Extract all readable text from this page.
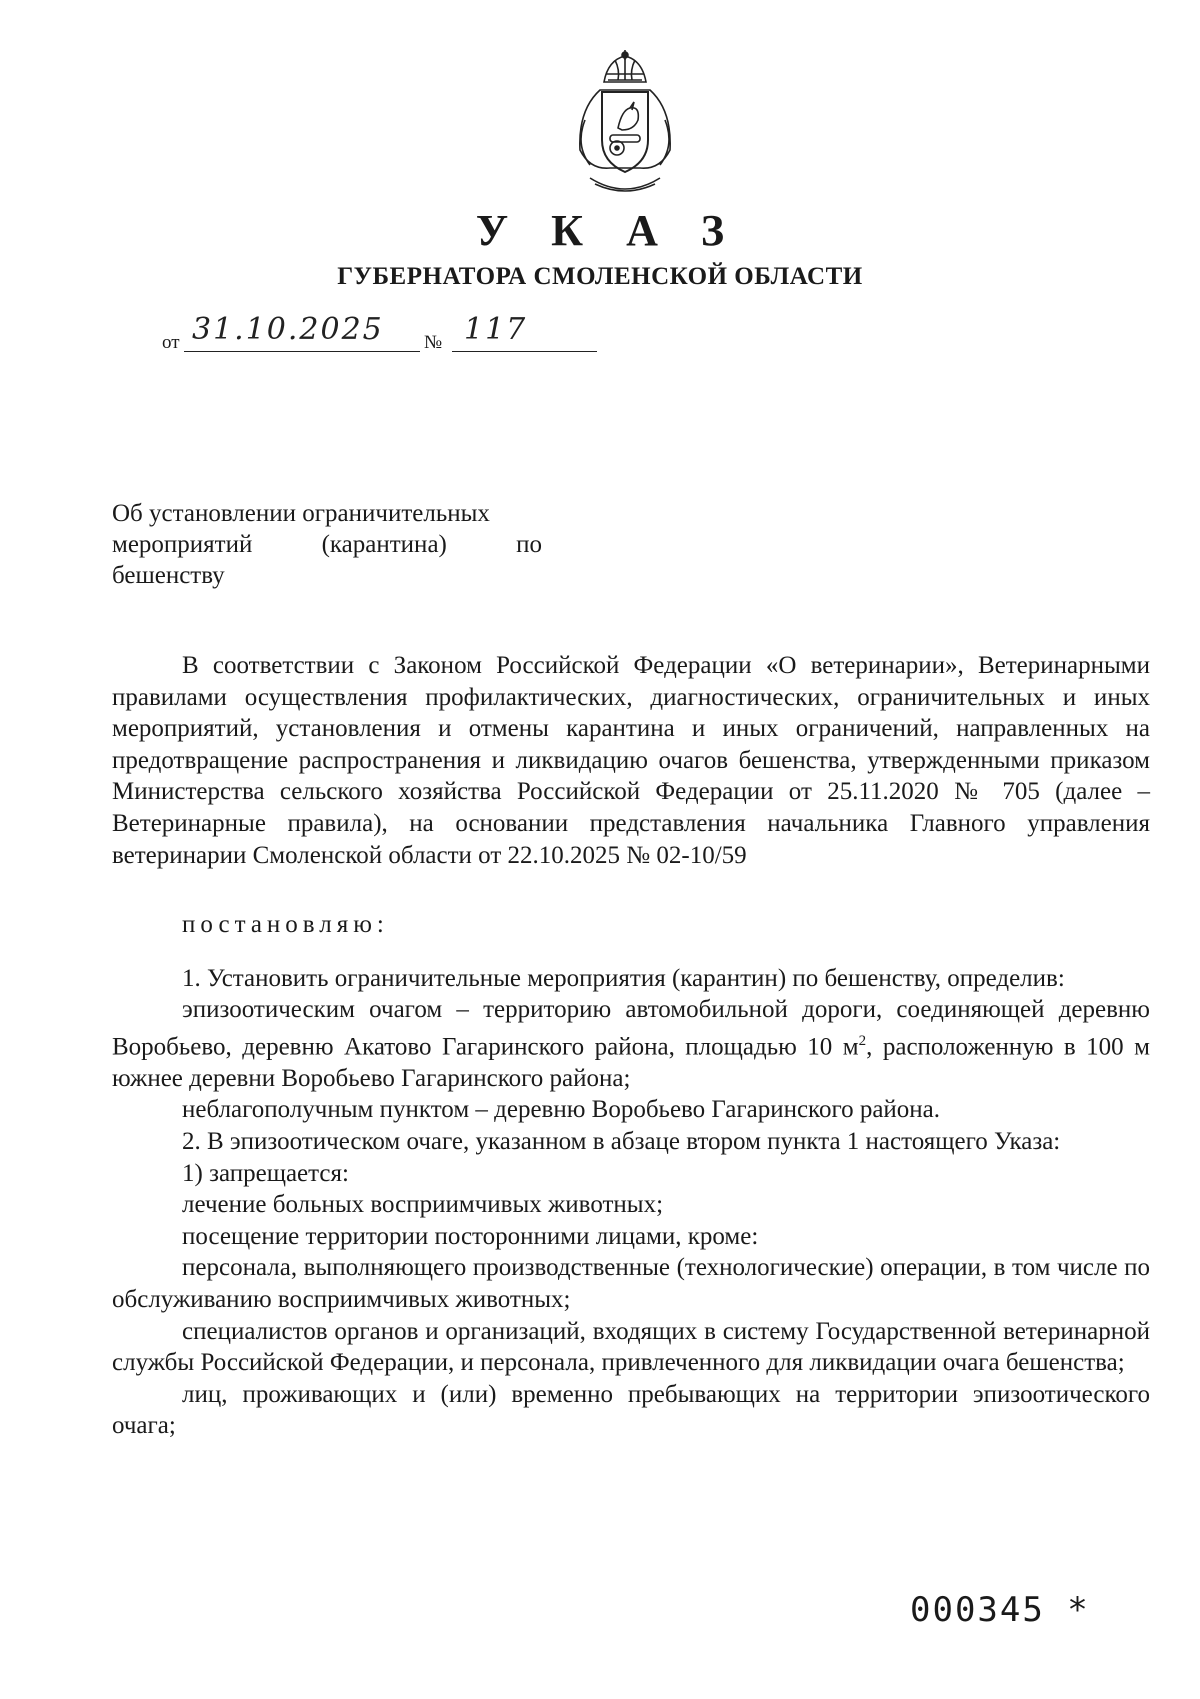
У К А З
ГУБЕРНАТОРА СМОЛЕНСКОЙ ОБЛАСТИ
от 31.10.2025 № 117
Об установлении ограничительных
мероприятий	(карантина)	по
бешенству

В соответствии с Законом Российской Федерации «О ветеринарии», Ветеринарными правилами осуществления профилактических, диагностических, ограничительных и иных мероприятий, установления и отмены карантина и иных ограничений, направленных на предотвращение распространения и ликвидацию очагов бешенства, утвержденными приказом Министерства сельского хозяйства Российской Федерации от 25.11.2020 № 705 (далее – Ветеринарные правила), на основании представления начальника Главного управления ветеринарии Смоленской области от 22.10.2025 № 02-10/59

постановляю:

1. Установить ограничительные мероприятия (карантин) по бешенству, определив:

эпизоотическим очагом – территорию автомобильной дороги, соединяющей деревню Воробьево, деревню Акатово Гагаринского района, площадью 10 $м^2$, расположенную в 100 м южнее деревни Воробьево Гагаринского района;

неблагополучным пунктом – деревню Воробьево Гагаринского района.

2. В эпизоотическом очаге, указанном в абзаце втором пункта 1 настоящего Указа:

1) запрещается:

лечение больных восприимчивых животных;

посещение территории посторонними лицами, кроме:

персонала, выполняющего производственные (технологические) операции, в том числе по обслуживанию восприимчивых животных;

специалистов органов и организаций, входящих в систему Государственной ветеринарной службы Российской Федерации, и персонала, привлеченного для ликвидации очага бешенства;

лиц, проживающих и (или) временно пребывающих на территории эпизоотического очага;

000345 *
